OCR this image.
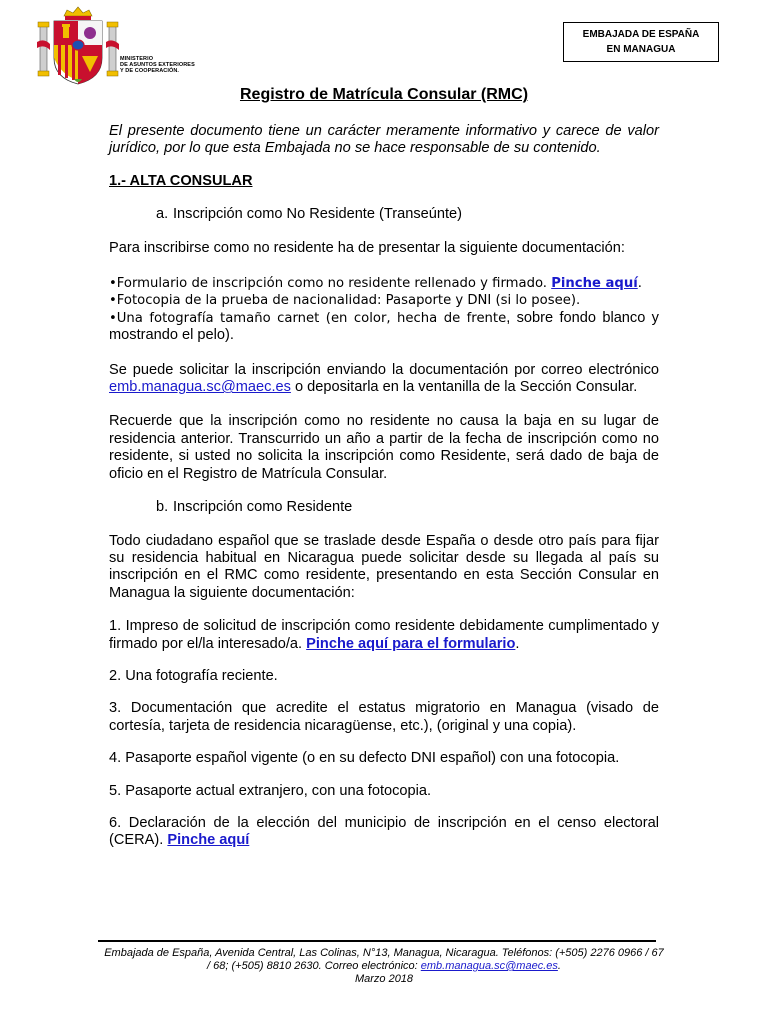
MINISTERIO
DE ASUNTOS EXTERIORES
Y DE COOPERACIÓN.
EMBAJADA DE ESPAÑA
EN MANAGUA
Registro de Matrícula Consular (RMC)

El presente documento tiene un carácter meramente informativo y carece de valor jurídico, por lo que esta Embajada no se hace responsable de su contenido.

1.- ALTA CONSULAR

a. Inscripción como No Residente (Transeúnte)

Para inscribirse como no residente ha de presentar la siguiente documentación:

•Formulario de inscripción como no residente rellenado y firmado. Pinche aquí.

•Fotocopia de la prueba de nacionalidad: Pasaporte y DNI (si lo posee).

•Una fotografía tamaño carnet (en color, hecha de frente, sobre fondo blanco y mostrando el pelo).

Se puede solicitar la inscripción enviando la documentación por correo electrónico emb.managua.sc@maec.es o depositarla en la ventanilla de la Sección Consular.

Recuerde que la inscripción como no residente no causa la baja en su lugar de residencia anterior. Transcurrido un año a partir de la fecha de inscripción como no residente, si usted no solicita la inscripción como Residente, será dado de baja de oficio en el Registro de Matrícula Consular.

b. Inscripción como Residente

Todo ciudadano español que se traslade desde España o desde otro país para fijar su residencia habitual en Nicaragua puede solicitar desde su llegada al país su inscripción en el RMC como residente, presentando en esta Sección Consular en Managua la siguiente documentación:

1. Impreso de solicitud de inscripción como residente debidamente cumplimentado y firmado por el/la interesado/a. Pinche aquí para el formulario.

2. Una fotografía reciente.

3. Documentación que acredite el estatus migratorio en Managua (visado de cortesía, tarjeta de residencia nicaragüense, etc.), (original y una copia).

4. Pasaporte español vigente (o en su defecto DNI español) con una fotocopia.

5. Pasaporte actual extranjero, con una fotocopia.

6. Declaración de la elección del municipio de inscripción en el censo electoral (CERA). Pinche aquí

Embajada de España, Avenida Central, Las Colinas, N°13, Managua, Nicaragua. Teléfonos: (+505) 2276 0966 / 67 / 68; (+505) 8810 2630. Correo electrónico: emb.managua.sc@maec.es.
Marzo 2018
